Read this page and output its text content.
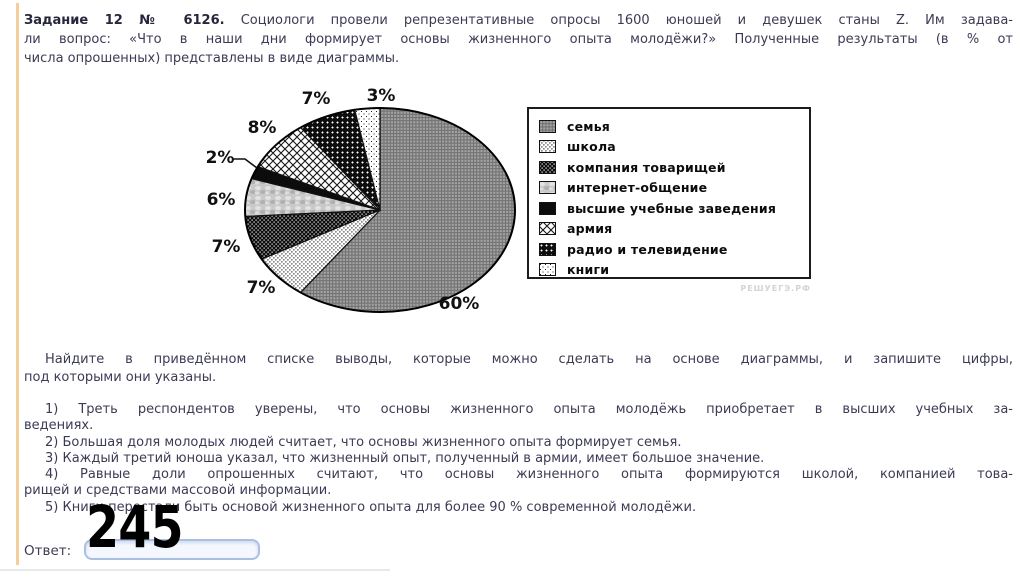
Задание 12 № 6126. Социологи провели репрезентативные опросы 1600 юношей и девушек станы Z. Им задава-
ли вопрос: «Что в наши дни формирует основы жизненного опыта молодёжи?» Полученные результаты (в % от
числа опрошенных) представлены в виде диаграммы.
60%
7%
7%
6%
2%
8%
7% 3%
семья
школа
компания товарищей
интернет-общение
высшие учебные заведения
армия
радио и телевидение
книги
РЕШУЕГЭ.РФ
Найдите в приведённом списке выводы, которые можно сделать на основе диаграммы, и запишите цифры,
под которыми они указаны.
1) Треть респондентов уверены, что основы жизненного опыта молодёжь приобретает в высших учебных за-
ведениях.
2) Большая доля молодых людей считает, что основы жизненного опыта формирует семья.
3) Каждый третий юноша указал, что жизненный опыт, полученный в армии, имеет большое значение.
4) Равные доли опрошенных считают, что основы жизненного опыта формируются школой, компанией това-
рищей и средствами массовой информации.
5) Книги перестали быть основой жизненного опыта для более 90 % современной молодёжи.
Ответ: 245
